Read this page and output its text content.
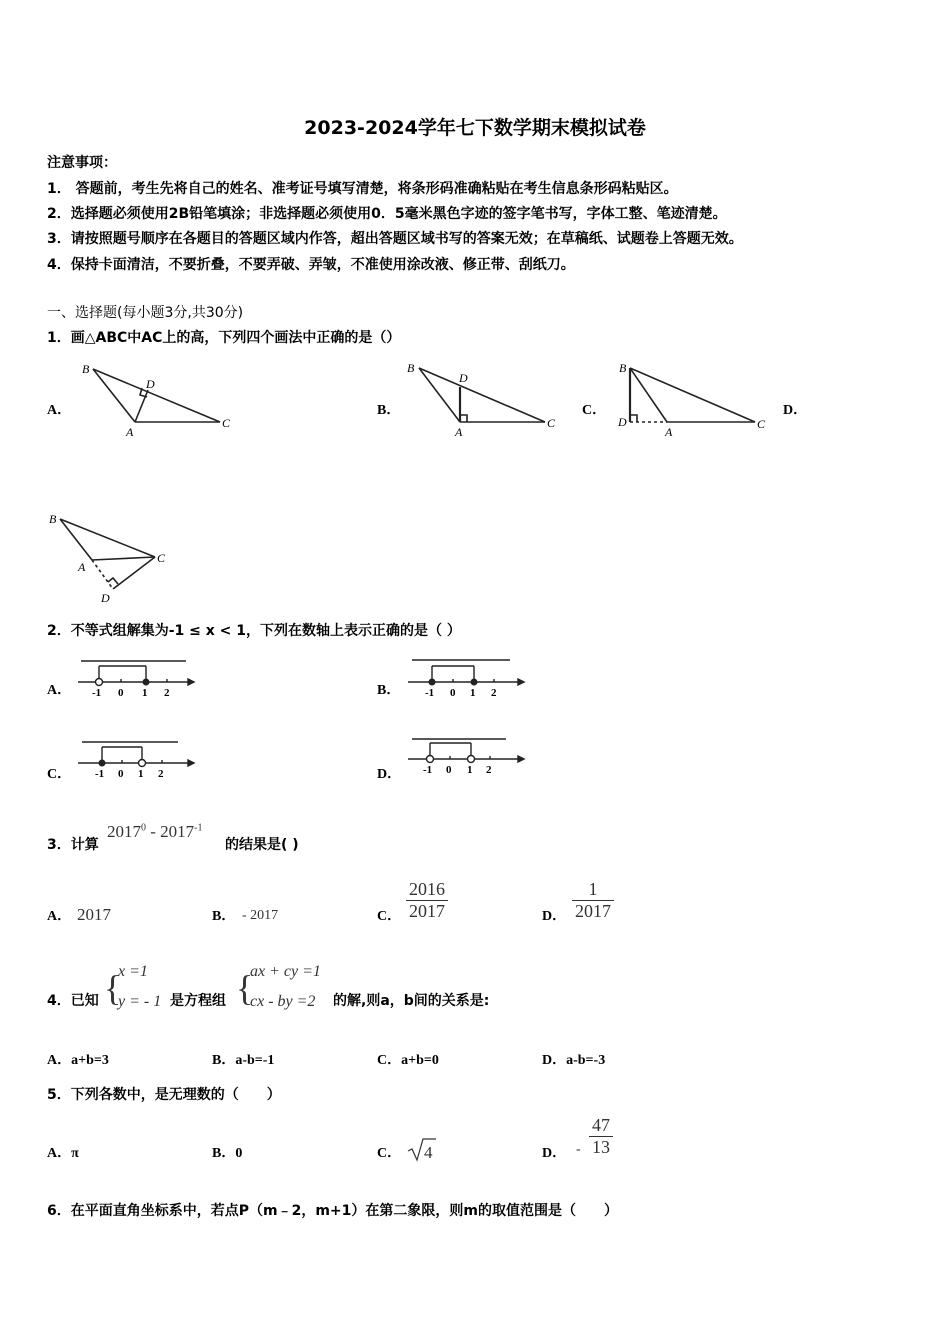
2023-2024学年七下数学期末模拟试卷
注意事项：
1． 答题前，考生先将自己的姓名、准考证号填写清楚，将条形码准确粘贴在考生信息条形码粘贴区。
2．选择题必须使用2B铅笔填涂；非选择题必须使用0．5毫米黑色字迹的签字笔书写，字体工整、笔迹清楚。
3．请按照题号顺序在各题目的答题区域内作答，超出答题区域书写的答案无效；在草稿纸、试题卷上答题无效。
4．保持卡面清洁，不要折叠，不要弄破、弄皱，不准使用涂改液、修正带、刮纸刀。
一、选择题(每小题3分,共30分)
1．画△ABC中AC上的高，下列四个画法中正确的是（）
A．	B．	C．	D．
B
D
A
C
B
D
A
C
B
D
A
C
B
C
A
D
2．不等式组解集为-1 ≤ x < 1，下列在数轴上表示正确的是（ ）
A．	B．
C．	D．
-1 0 1 2	-1 0 1 2
-1 0 1 2	-1 0 1 2
3．计算
$2017^0 - 2017^{-1}$
的结果是( )
A． 2017	B． - 2017	C． $\frac{2016}{2017}$	D． $\frac{1}{2017}$
4．已知 {
x =1
y = - 1 是方程组 {
ax + cy =1
cx - by =2 的解,则a，b间的关系是:
A．a+b=3	B．a-b=-1	C．a+b=0	D．a-b=-3
5．下列各数中，是无理数的（　　）
A．π	B．0	C． 4	D． - $\frac{47}{13}$
6．在平面直角坐标系中，若点P（m﹣2，m+1）在第二象限，则m的取值范围是（　　）
